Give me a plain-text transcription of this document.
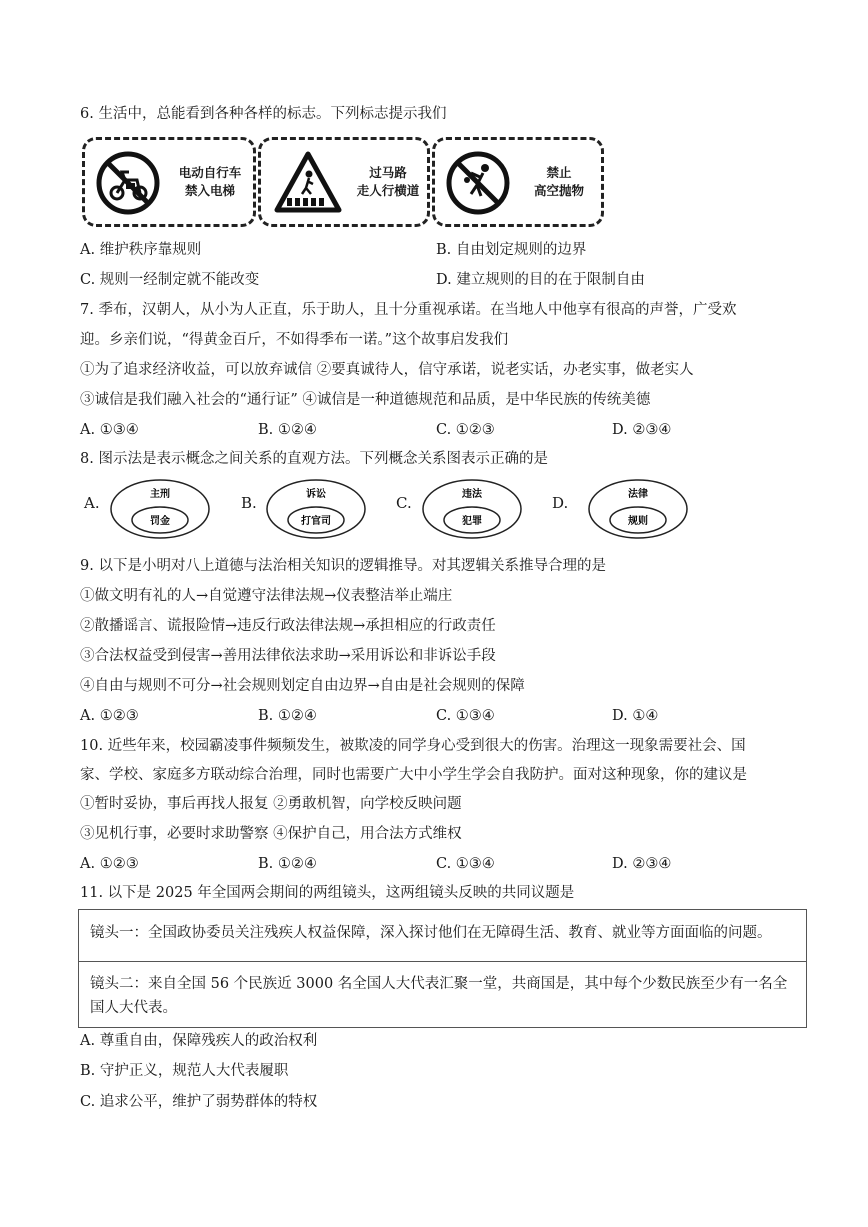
6. 生活中，总能看到各种各样的标志。下列标志提示我们
电动自行车
禁入电梯
过马路
走人行横道
禁止
高空抛物
A. 维护秩序靠规则	B. 自由划定规则的边界
C. 规则一经制定就不能改变	D. 建立规则的目的在于限制自由
7. 季布，汉朝人，从小为人正直，乐于助人，且十分重视承诺。在当地人中他享有很高的声誉，广受欢
迎。乡亲们说，“得黄金百斤，不如得季布一诺。”这个故事启发我们
①为了追求经济收益，可以放弃诚信 ②要真诚待人，信守承诺，说老实话，办老实事，做老实人
③诚信是我们融入社会的“通行证” ④诚信是一种道德规范和品质，是中华民族的传统美德
A. ①③④	B. ①②④	C. ①②③	D. ②③④
8. 图示法是表示概念之间关系的直观方法。下列概念关系图表示正确的是
A.	主刑
罚金
B.	诉讼
打官司
C.	违法
犯罪
D.	法律
规则
9. 以下是小明对八上道德与法治相关知识的逻辑推导。对其逻辑关系推导合理的是
①做文明有礼的人→自觉遵守法律法规→仪表整洁举止端庄
②散播谣言、谎报险情→违反行政法律法规→承担相应的行政责任
③合法权益受到侵害→善用法律依法求助→采用诉讼和非诉讼手段
④自由与规则不可分→社会规则划定自由边界→自由是社会规则的保障
A. ①②③	B. ①②④	C. ①③④	D. ①④
10. 近些年来，校园霸凌事件频频发生，被欺凌的同学身心受到很大的伤害。治理这一现象需要社会、国
家、学校、家庭多方联动综合治理，同时也需要广大中小学生学会自我防护。面对这种现象，你的建议是
①暂时妥协，事后再找人报复 ②勇敢机智，向学校反映问题
③见机行事，必要时求助警察 ④保护自己，用合法方式维权
A. ①②③	B. ①②④	C. ①③④	D. ②③④
11. 以下是 2025 年全国两会期间的两组镜头，这两组镜头反映的共同议题是
镜头一：全国政协委员关注残疾人权益保障，深入探讨他们在无障碍生活、教育、就业等方面面临的问题。
镜头二：来自全国 56 个民族近 3000 名全国人大代表汇聚一堂，共商国是，其中每个少数民族至少有一名全国人大代表。
A. 尊重自由，保障残疾人的政治权利
B. 守护正义，规范人大代表履职
C. 追求公平，维护了弱势群体的特权
